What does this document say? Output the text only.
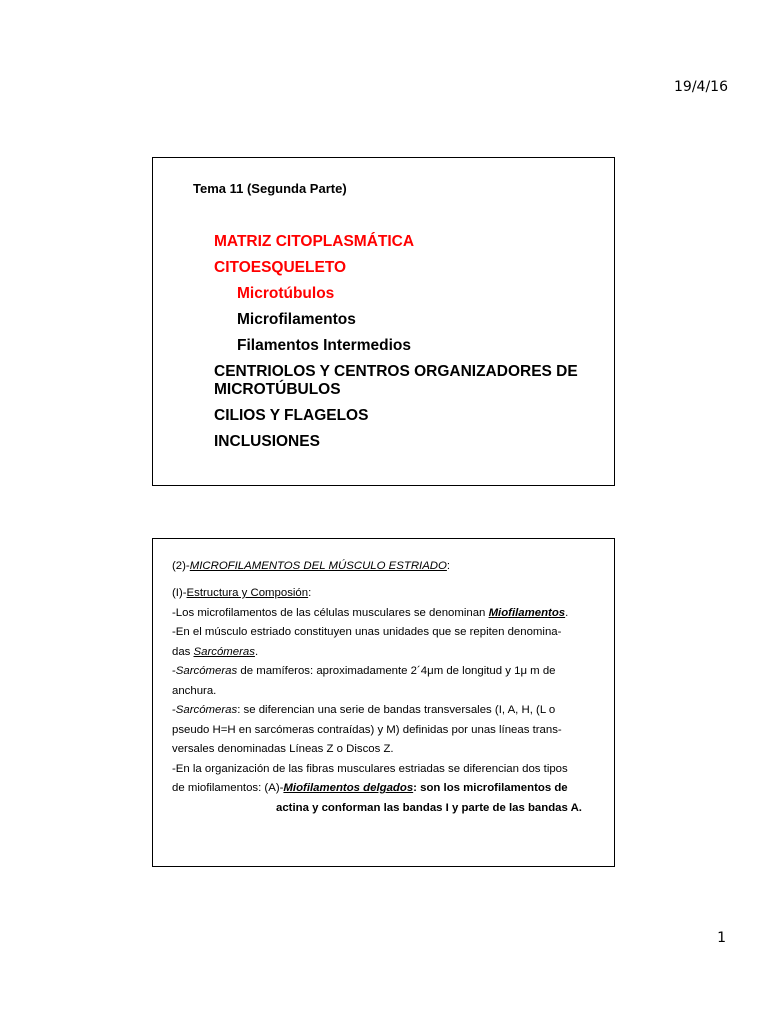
19/4/16

Tema 11 (Segunda Parte)

MATRIZ CITOPLASMÁTICA

CITOESQUELETO

Microtúbulos

Microfilamentos

Filamentos Intermedios

CENTRIOLOS Y CENTROS ORGANIZADORES DE MICROTÚBULOS

CILIOS Y FLAGELOS

INCLUSIONES

(2)-MICROFILAMENTOS DEL MÚSCULO ESTRIADO:
(I)-Estructura y Composión:
-Los microfilamentos de las células musculares se denominan Miofilamentos.
-En el músculo estriado constituyen unas unidades que se repiten denomina-
das Sarcómeras.
-Sarcómeras de mamíferos: aproximadamente 2´4μm de longitud y 1μ m de
anchura.
-Sarcómeras: se diferencian una serie de bandas transversales (I, A, H, (L o
pseudo H=H en sarcómeras contraídas) y M) definidas por unas líneas trans-
versales denominadas Líneas Z o Discos Z.
-En la organización de las fibras musculares estriadas se diferencian dos tipos
de miofilamentos: (A)-Miofilamentos delgados: son los microfilamentos de
actina y conforman las bandas I y parte de las bandas A.
1
